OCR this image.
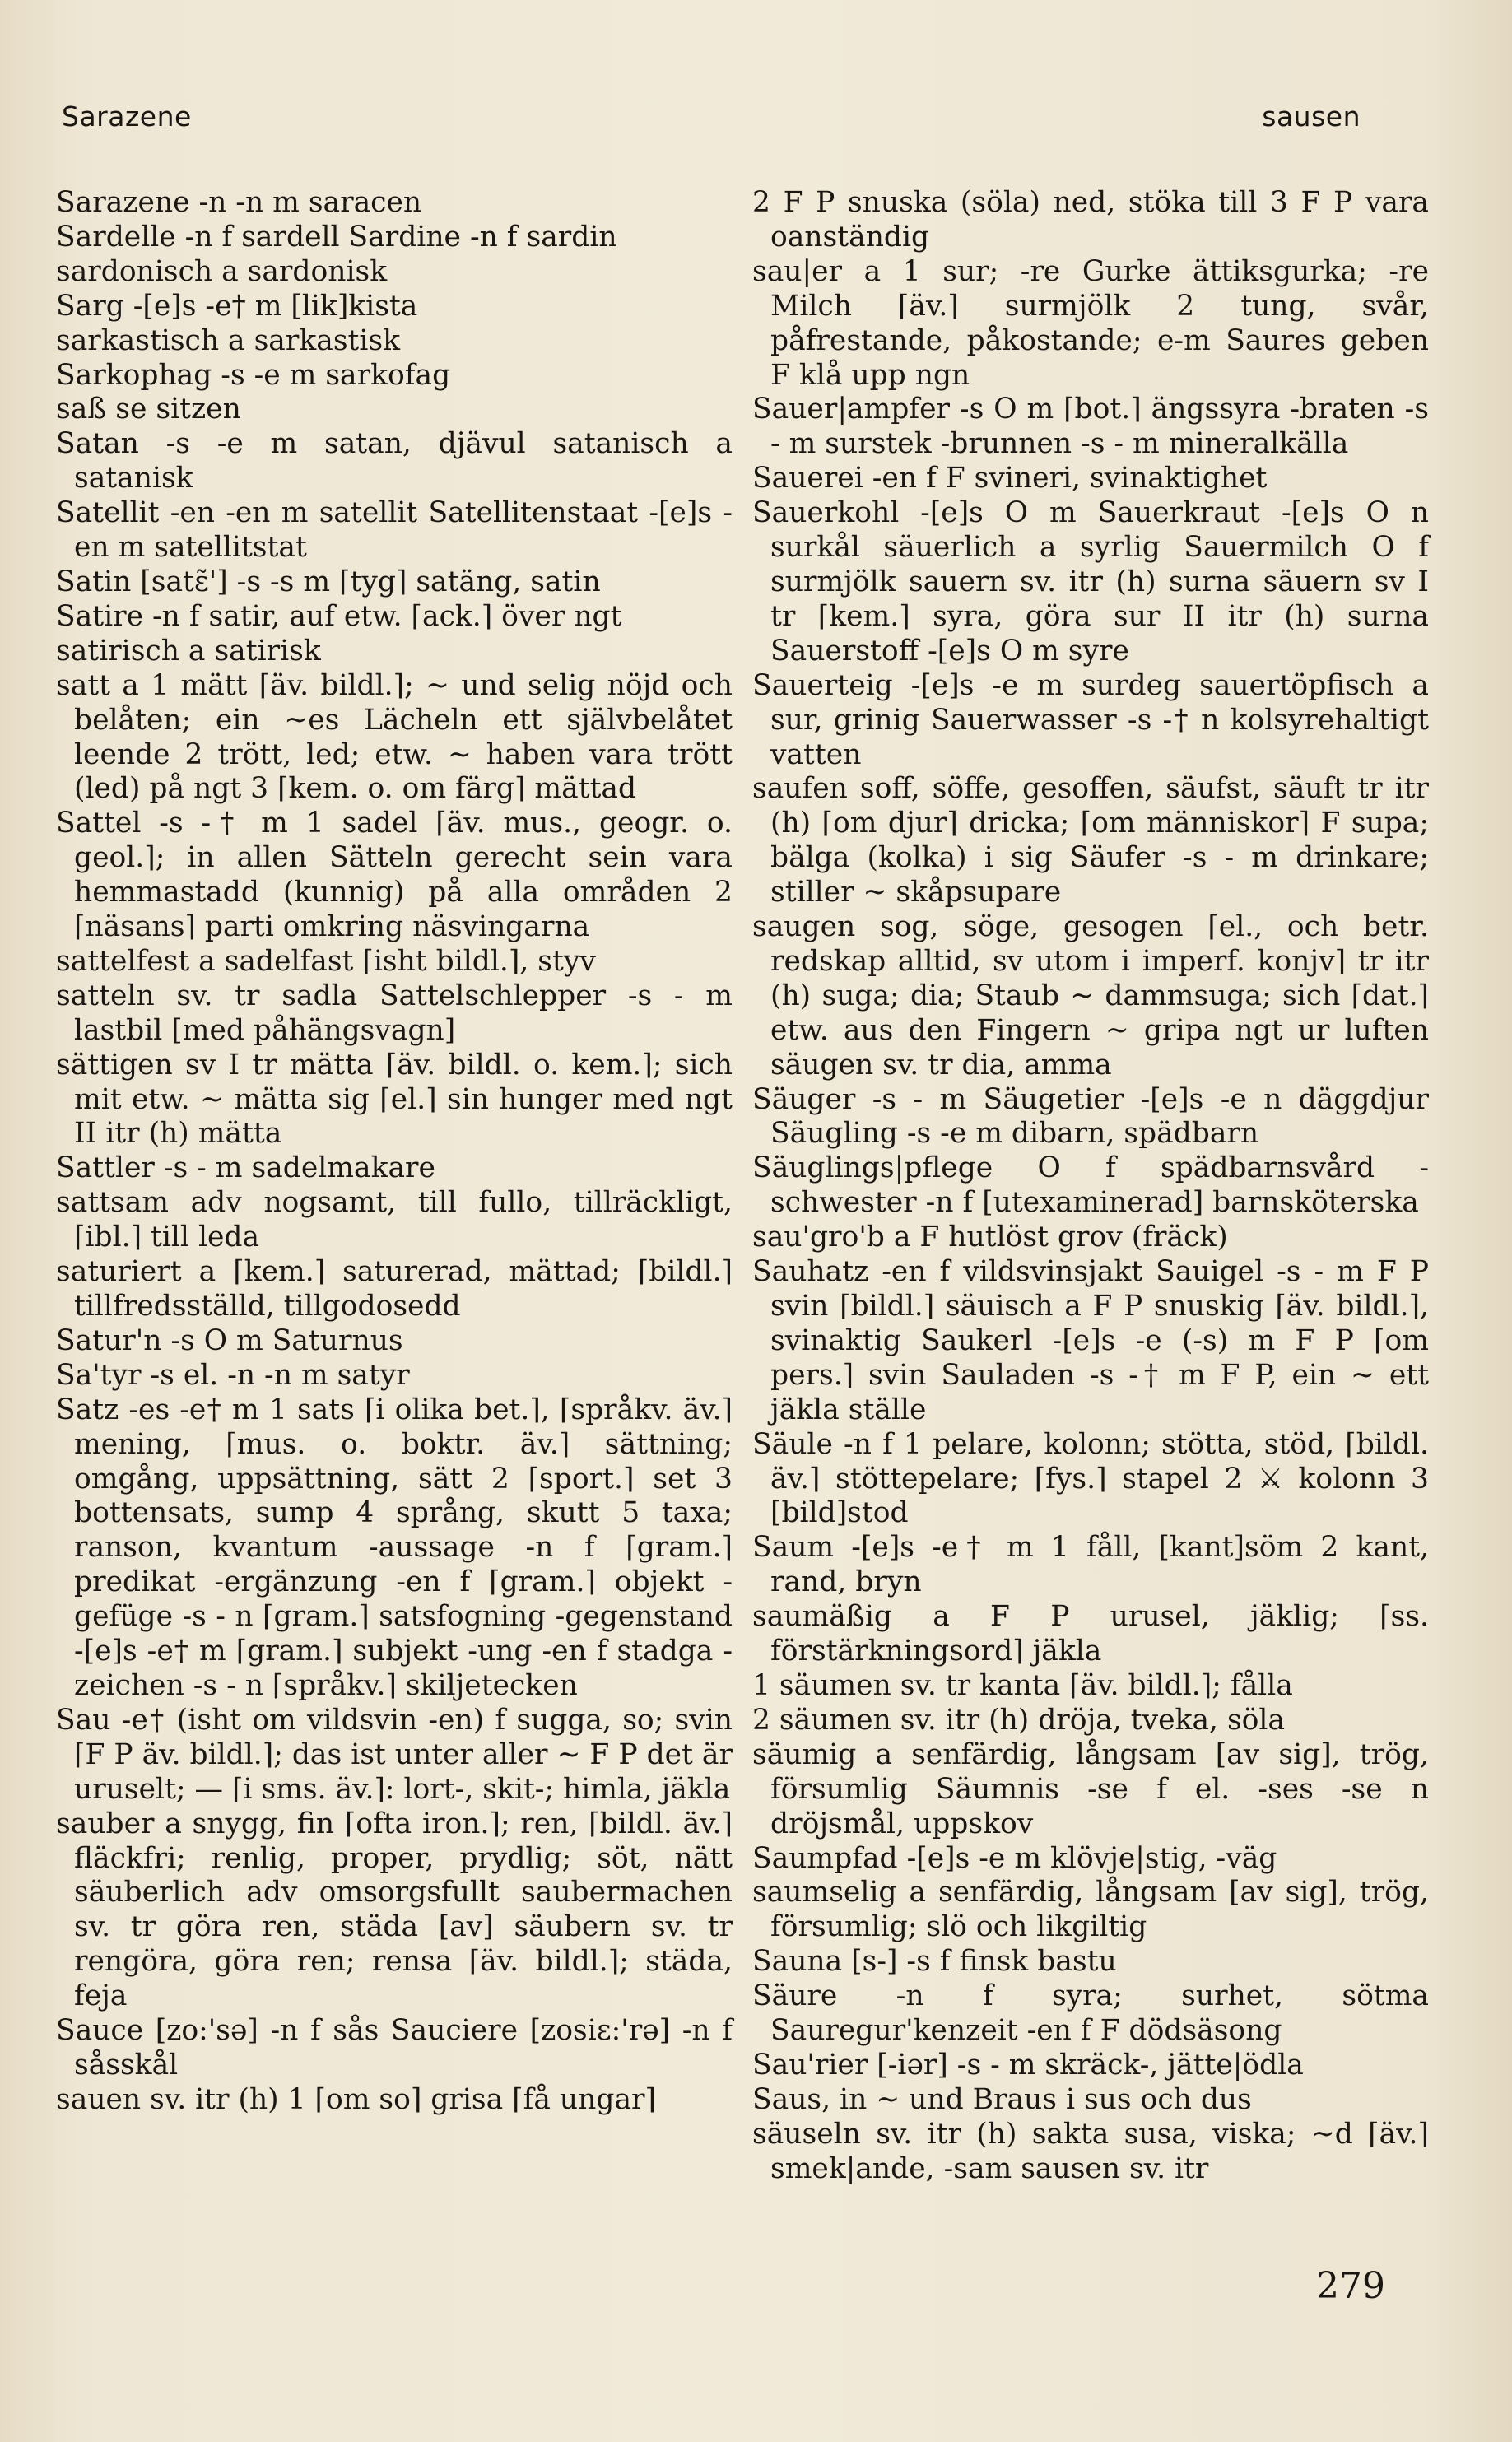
Sarazene	sausen

Sarazene -n -n m saracen

Sardelle -n f sardell Sardine -n f sardin

sardonisch a sardonisk

Sarg -[e]s -e† m [lik]kista

sarkastisch a sarkastisk

Sarkophag -s -e m sarkofag

saß se sitzen

Satan -s -e m satan, djävul satanisch a satanisk

Satellit -en -en m satellit Satellitenstaat -[e]s -en m satellitstat

Satin [satɛ̃'] -s -s m ⌈tyg⌉ satäng, satin

Satire -n f satir, auf etw. ⌈ack.⌉ över ngt

satirisch a satirisk

satt a 1 mätt ⌈äv. bildl.⌉; ~ und selig nöjd och belåten; ein ~es Lächeln ett självbelåtet leende 2 trött, led; etw. ~ haben vara trött (led) på ngt 3 ⌈kem. o. om färg⌉ mättad

Sattel -s -† m 1 sadel ⌈äv. mus., geogr. o. geol.⌉; in allen Sätteln gerecht sein vara hemmastadd (kunnig) på alla områden 2 ⌈näsans⌉ parti omkring näsvingarna

sattelfest a sadelfast ⌈isht bildl.⌉, styv

satteln sv. tr sadla Sattelschlepper -s - m lastbil [med påhängsvagn]

sättigen sv I tr mätta ⌈äv. bildl. o. kem.⌉; sich mit etw. ~ mätta sig ⌈el.⌉ sin hunger med ngt II itr (h) mätta

Sattler -s - m sadelmakare

sattsam adv nogsamt, till fullo, tillräckligt, ⌈ibl.⌉ till leda

saturiert a ⌈kem.⌉ saturerad, mättad; ⌈bildl.⌉ tillfredsställd, tillgodosedd

Satur'n -s O m Saturnus

Sa'tyr -s el. -n -n m satyr

Satz -es -e† m 1 sats ⌈i olika bet.⌉, ⌈språkv. äv.⌉ mening, ⌈mus. o. boktr. äv.⌉ sättning; omgång, uppsättning, sätt 2 ⌈sport.⌉ set 3 bottensats, sump 4 språng, skutt 5 taxa; ranson, kvantum -aussage -n f ⌈gram.⌉ predikat -ergänzung -en f ⌈gram.⌉ objekt -gefüge -s - n ⌈gram.⌉ satsfogning -gegenstand -[e]s -e† m ⌈gram.⌉ subjekt -ung -en f stadga -zeichen -s - n ⌈språkv.⌉ skiljetecken

Sau -e† (isht om vildsvin -en) f sugga, so; svin ⌈F P äv. bildl.⌉; das ist unter aller ~ F P det är uruselt; — ⌈i sms. äv.⌉: lort-, skit-; himla, jäkla

sauber a snygg, fin ⌈ofta iron.⌉; ren, ⌈bildl. äv.⌉ fläckfri; renlig, proper, prydlig; söt, nätt säuberlich adv omsorgsfullt saubermachen sv. tr göra ren, städa [av] säubern sv. tr rengöra, göra ren; rensa ⌈äv. bildl.⌉; städa, feja

Sauce [zo:'sə] -n f sås Sauciere [zosiɛ:'rə] -n f såsskål

sauen sv. itr (h) 1 ⌈om so⌉ grisa ⌈få ungar⌉

2 F P snuska (söla) ned, stöka till 3 F P vara oanständig

sau|er a 1 sur; -re Gurke ättiksgurka; -re Milch ⌈äv.⌉ surmjölk 2 tung, svår, påfrestande, påkostande; e-m Saures geben F klå upp ngn

Sauer|ampfer -s O m ⌈bot.⌉ ängssyra -braten -s - m surstek -brunnen -s - m mineralkälla

Sauerei -en f F svineri, svinaktighet

Sauerkohl -[e]s O m Sauerkraut -[e]s O n surkål säuerlich a syrlig Sauermilch O f surmjölk sauern sv. itr (h) surna säuern sv I tr ⌈kem.⌉ syra, göra sur II itr (h) surna Sauerstoff -[e]s O m syre

Sauerteig -[e]s -e m surdeg sauertöpfisch a sur, grinig Sauerwasser -s -† n kolsyrehaltigt vatten

saufen soff, söffe, gesoffen, säufst, säuft tr itr (h) ⌈om djur⌉ dricka; ⌈om människor⌉ F supa; bälga (kolka) i sig Säufer -s - m drinkare; stiller ~ skåpsupare

saugen sog, söge, gesogen ⌈el., och betr. redskap alltid, sv utom i imperf. konjv⌉ tr itr (h) suga; dia; Staub ~ dammsuga; sich ⌈dat.⌉ etw. aus den Fingern ~ gripa ngt ur luften säugen sv. tr dia, amma

Säuger -s - m Säugetier -[e]s -e n däggdjur Säugling -s -e m dibarn, spädbarn

Säuglings|pflege O f spädbarnsvård -schwester -n f [utexaminerad] barnsköterska

sau'gro'b a F hutlöst grov (fräck)

Sauhatz -en f vildsvinsjakt Sauigel -s - m F P svin ⌈bildl.⌉ säuisch a F P snuskig ⌈äv. bildl.⌉, svinaktig Saukerl -[e]s -e (-s) m F P ⌈om pers.⌉ svin Sauladen -s -† m F P, ein ~ ett jäkla ställe

Säule -n f 1 pelare, kolonn; stötta, stöd, ⌈bildl. äv.⌉ stöttepelare; ⌈fys.⌉ stapel 2 ⚔ kolonn 3 [bild]stod

Saum -[e]s -e† m 1 fåll, [kant]söm 2 kant, rand, bryn

saumäßig a F P urusel, jäklig; ⌈ss. förstärkningsord⌉ jäkla

1 säumen sv. tr kanta ⌈äv. bildl.⌉; fålla

2 säumen sv. itr (h) dröja, tveka, söla

säumig a senfärdig, långsam [av sig], trög, försumlig Säumnis -se f el. -ses -se n dröjsmål, uppskov

Saumpfad -[e]s -e m klövje|stig, -väg

saumselig a senfärdig, långsam [av sig], trög, försumlig; slö och likgiltig

Sauna [s-] -s f finsk bastu

Säure -n f syra; surhet, sötma Sauregur'kenzeit -en f F dödsäsong

Sau'rier [-iər] -s - m skräck-, jätte|ödla

Saus, in ~ und Braus i sus och dus

säuseln sv. itr (h) sakta susa, viska; ~d ⌈äv.⌉ smek|ande, -sam sausen sv. itr

279
